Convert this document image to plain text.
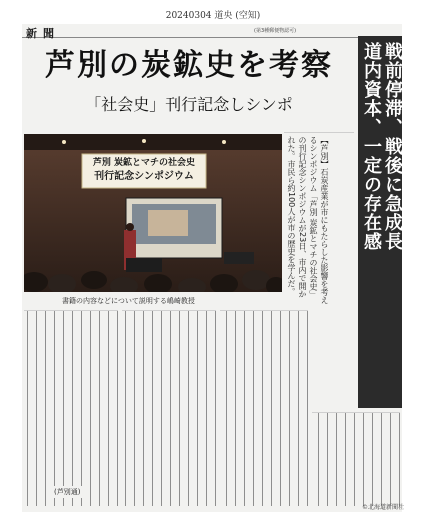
20240304 道央 (空知)
新聞	(第3種郵便物認可)
芦別の炭鉱史を考察
「社会史」刊行記念しシンポ	戦前停滞、戦後に急成長
道内資本、一定の存在感
【芦別】石炭産業が市にもたらした影響を考えるシンポジウム「芦別 炭鉱とマチの社会史」の刊行記念シンポジウムが23日、市内で開かれた。市民ら約100人が市の歴史を学んだ。
芦別 炭鉱とマチの社会史
刊行記念シンポジウム
書籍の内容などについて説明する嶋崎教授
(芦別通)
©北海道新聞社
